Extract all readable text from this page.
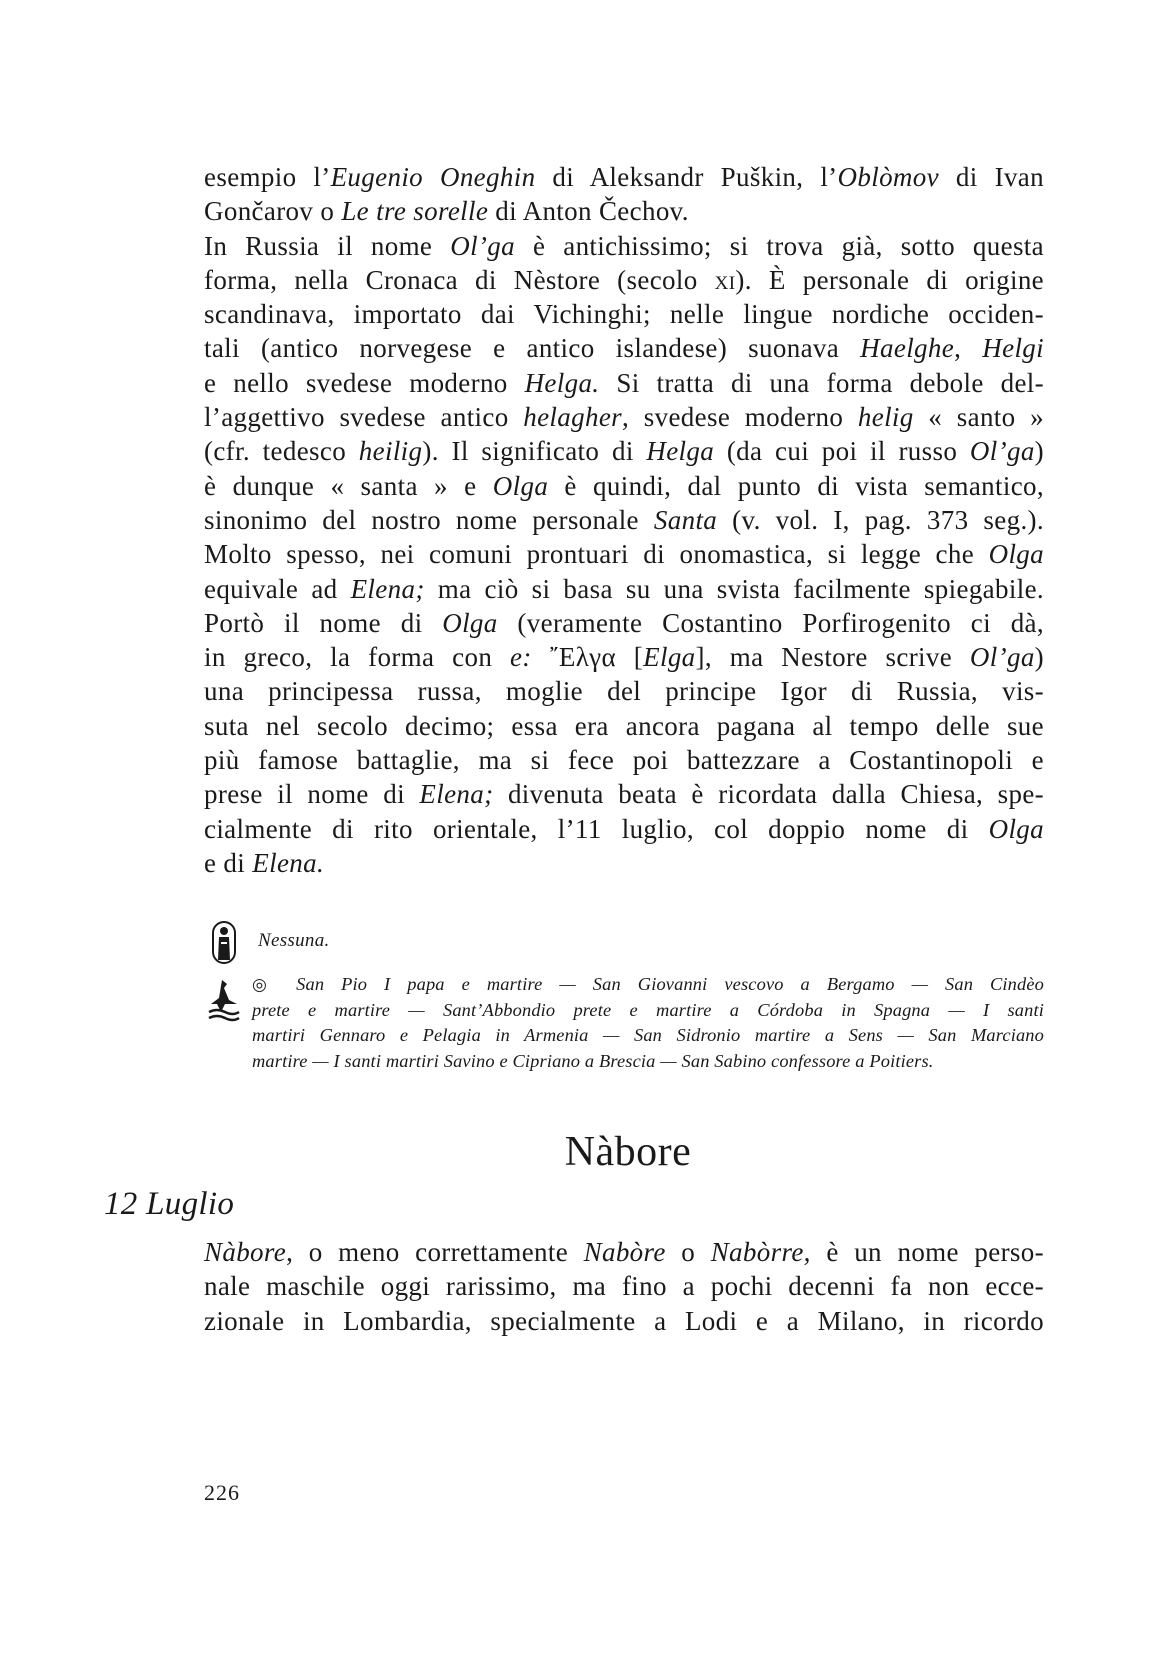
esempio l’Eugenio Oneghin di Aleksandr Puškin, l’Oblòmov di Ivan
Gončarov o Le tre sorelle di Anton Čechov.
In Russia il nome Ol’ga è antichissimo; si trova già, sotto questa
forma, nella Cronaca di Nèstore (secolo xi). È personale di origine
scandinava, importato dai Vichinghi; nelle lingue nordiche occiden-
tali (antico norvegese e antico islandese) suonava Haelghe, Helgi
e nello svedese moderno Helga. Si tratta di una forma debole del-
l’aggettivo svedese antico helagher, svedese moderno helig « santo »
(cfr. tedesco heilig). Il significato di Helga (da cui poi il russo Ol’ga)
è dunque « santa » e Olga è quindi, dal punto di vista semantico,
sinonimo del nostro nome personale Santa (v. vol. I, pag. 373 seg.).
Molto spesso, nei comuni prontuari di onomastica, si legge che Olga
equivale ad Elena; ma ciò si basa su una svista facilmente spiegabile.
Portò il nome di Olga (veramente Costantino Porfirogenito ci dà,
in greco, la forma con e: ῎Ελγα [Elga], ma Nestore scrive Ol’ga)
una principessa russa, moglie del principe Igor di Russia, vis-
suta nel secolo decimo; essa era ancora pagana al tempo delle sue
più famose battaglie, ma si fece poi battezzare a Costantinopoli e
prese il nome di Elena; divenuta beata è ricordata dalla Chiesa, spe-
cialmente di rito orientale, l’11 luglio, col doppio nome di Olga
e di Elena.
Nessuna.
◎ San Pio I papa e martire — San Giovanni vescovo a Bergamo — San Cindèo
prete e martire — Sant’Abbondio prete e martire a Córdoba in Spagna — I santi
martiri Gennaro e Pelagia in Armenia — San Sidronio martire a Sens — San Marciano
martire — I santi martiri Savino e Cipriano a Brescia — San Sabino confessore a Poitiers.
Nàbore
12 Luglio
Nàbore, o meno correttamente Nabòre o Nabòrre, è un nome perso-
nale maschile oggi rarissimo, ma fino a pochi decenni fa non ecce-
zionale in Lombardia, specialmente a Lodi e a Milano, in ricordo
226
